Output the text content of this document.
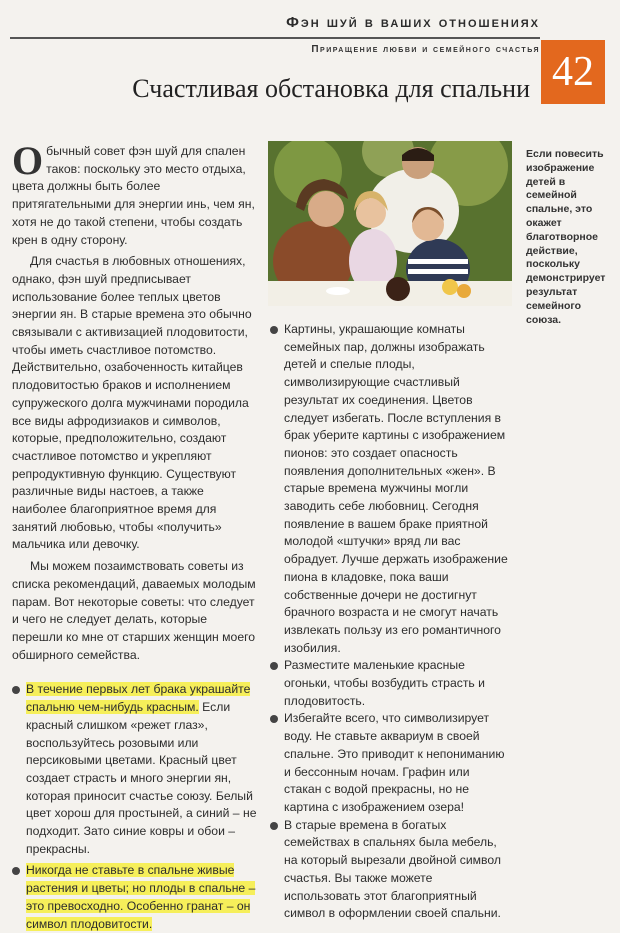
Фэн шуй в ваших отношениях
Приращение любви и семейного счастья 42
Счастливая обстановка для спальни

Обычный совет фэн шуй для спален таков: поскольку это место отдыха, цвета должны быть более притягательными для энергии инь, чем ян, хотя не до такой степени, чтобы создать крен в одну сторону.

Для счастья в любовных отношениях, однако, фэн шуй предписывает использование более теплых цветов энергии ян. В старые времена это обычно связывали с активизацией плодовитости, чтобы иметь счастливое потомство. Действительно, озабоченность китайцев плодовитостью браков и исполнением супружеского долга мужчинами породила все виды афродизиаков и символов, которые, предположительно, создают счастливое потомство и укрепляют репродуктивную функцию. Существуют различные виды настоев, а также наиболее благоприятное время для занятий любовью, чтобы «получить» мальчика или девочку.

Мы можем позаимствовать советы из списка рекомендаций, даваемых молодым парам. Вот некоторые советы: что следует и чего не следует делать, которые перешли ко мне от старших женщин моего обширного семейства.

В течение первых лет брака украшайте спальню чем-нибудь красным. Если красный слишком «режет глаз», воспользуйтесь розовыми или персиковыми цветами. Красный цвет создает страсть и много энергии ян, которая приносит счастье союзу. Белый цвет хорош для простыней, а синий – не подходит. Зато синие ковры и обои – прекрасны.

Никогда не ставьте в спальне живые растения и цветы; но плоды в спальне – это превосходно. Особенно гранат – он символ плодовитости.

Если повесить изображение детей в семейной спальне, это окажет благотворное действие, поскольку демонстрирует результат семейного союза.

Картины, украшающие комнаты семейных пар, должны изображать детей и спелые плоды, символизирующие счастливый результат их соединения. Цветов следует избегать. После вступления в брак уберите картины с изображением пионов: это создает опасность появления дополнительных «жен». В старые времена мужчины могли заводить себе любовниц. Сегодня появление в вашем браке приятной молодой «штучки» вряд ли вас обрадует. Лучше держать изображение пиона в кладовке, пока ваши собственные дочери не достигнут брачного возраста и не смогут начать извлекать пользу из его романтичного изобилия.

Разместите маленькие красные огоньки, чтобы возбудить страсть и плодовитость.

Избегайте всего, что символизирует воду. Не ставьте аквариум в своей спальне. Это приводит к непониманию и бессонным ночам. Графин или стакан с водой прекрасны, но не картина с изображением озера!

В старые времена в богатых семействах в спальнях была мебель, на который вырезали двойной символ счастья. Вы также можете использовать этот благоприятный символ в оформлении своей спальни.
